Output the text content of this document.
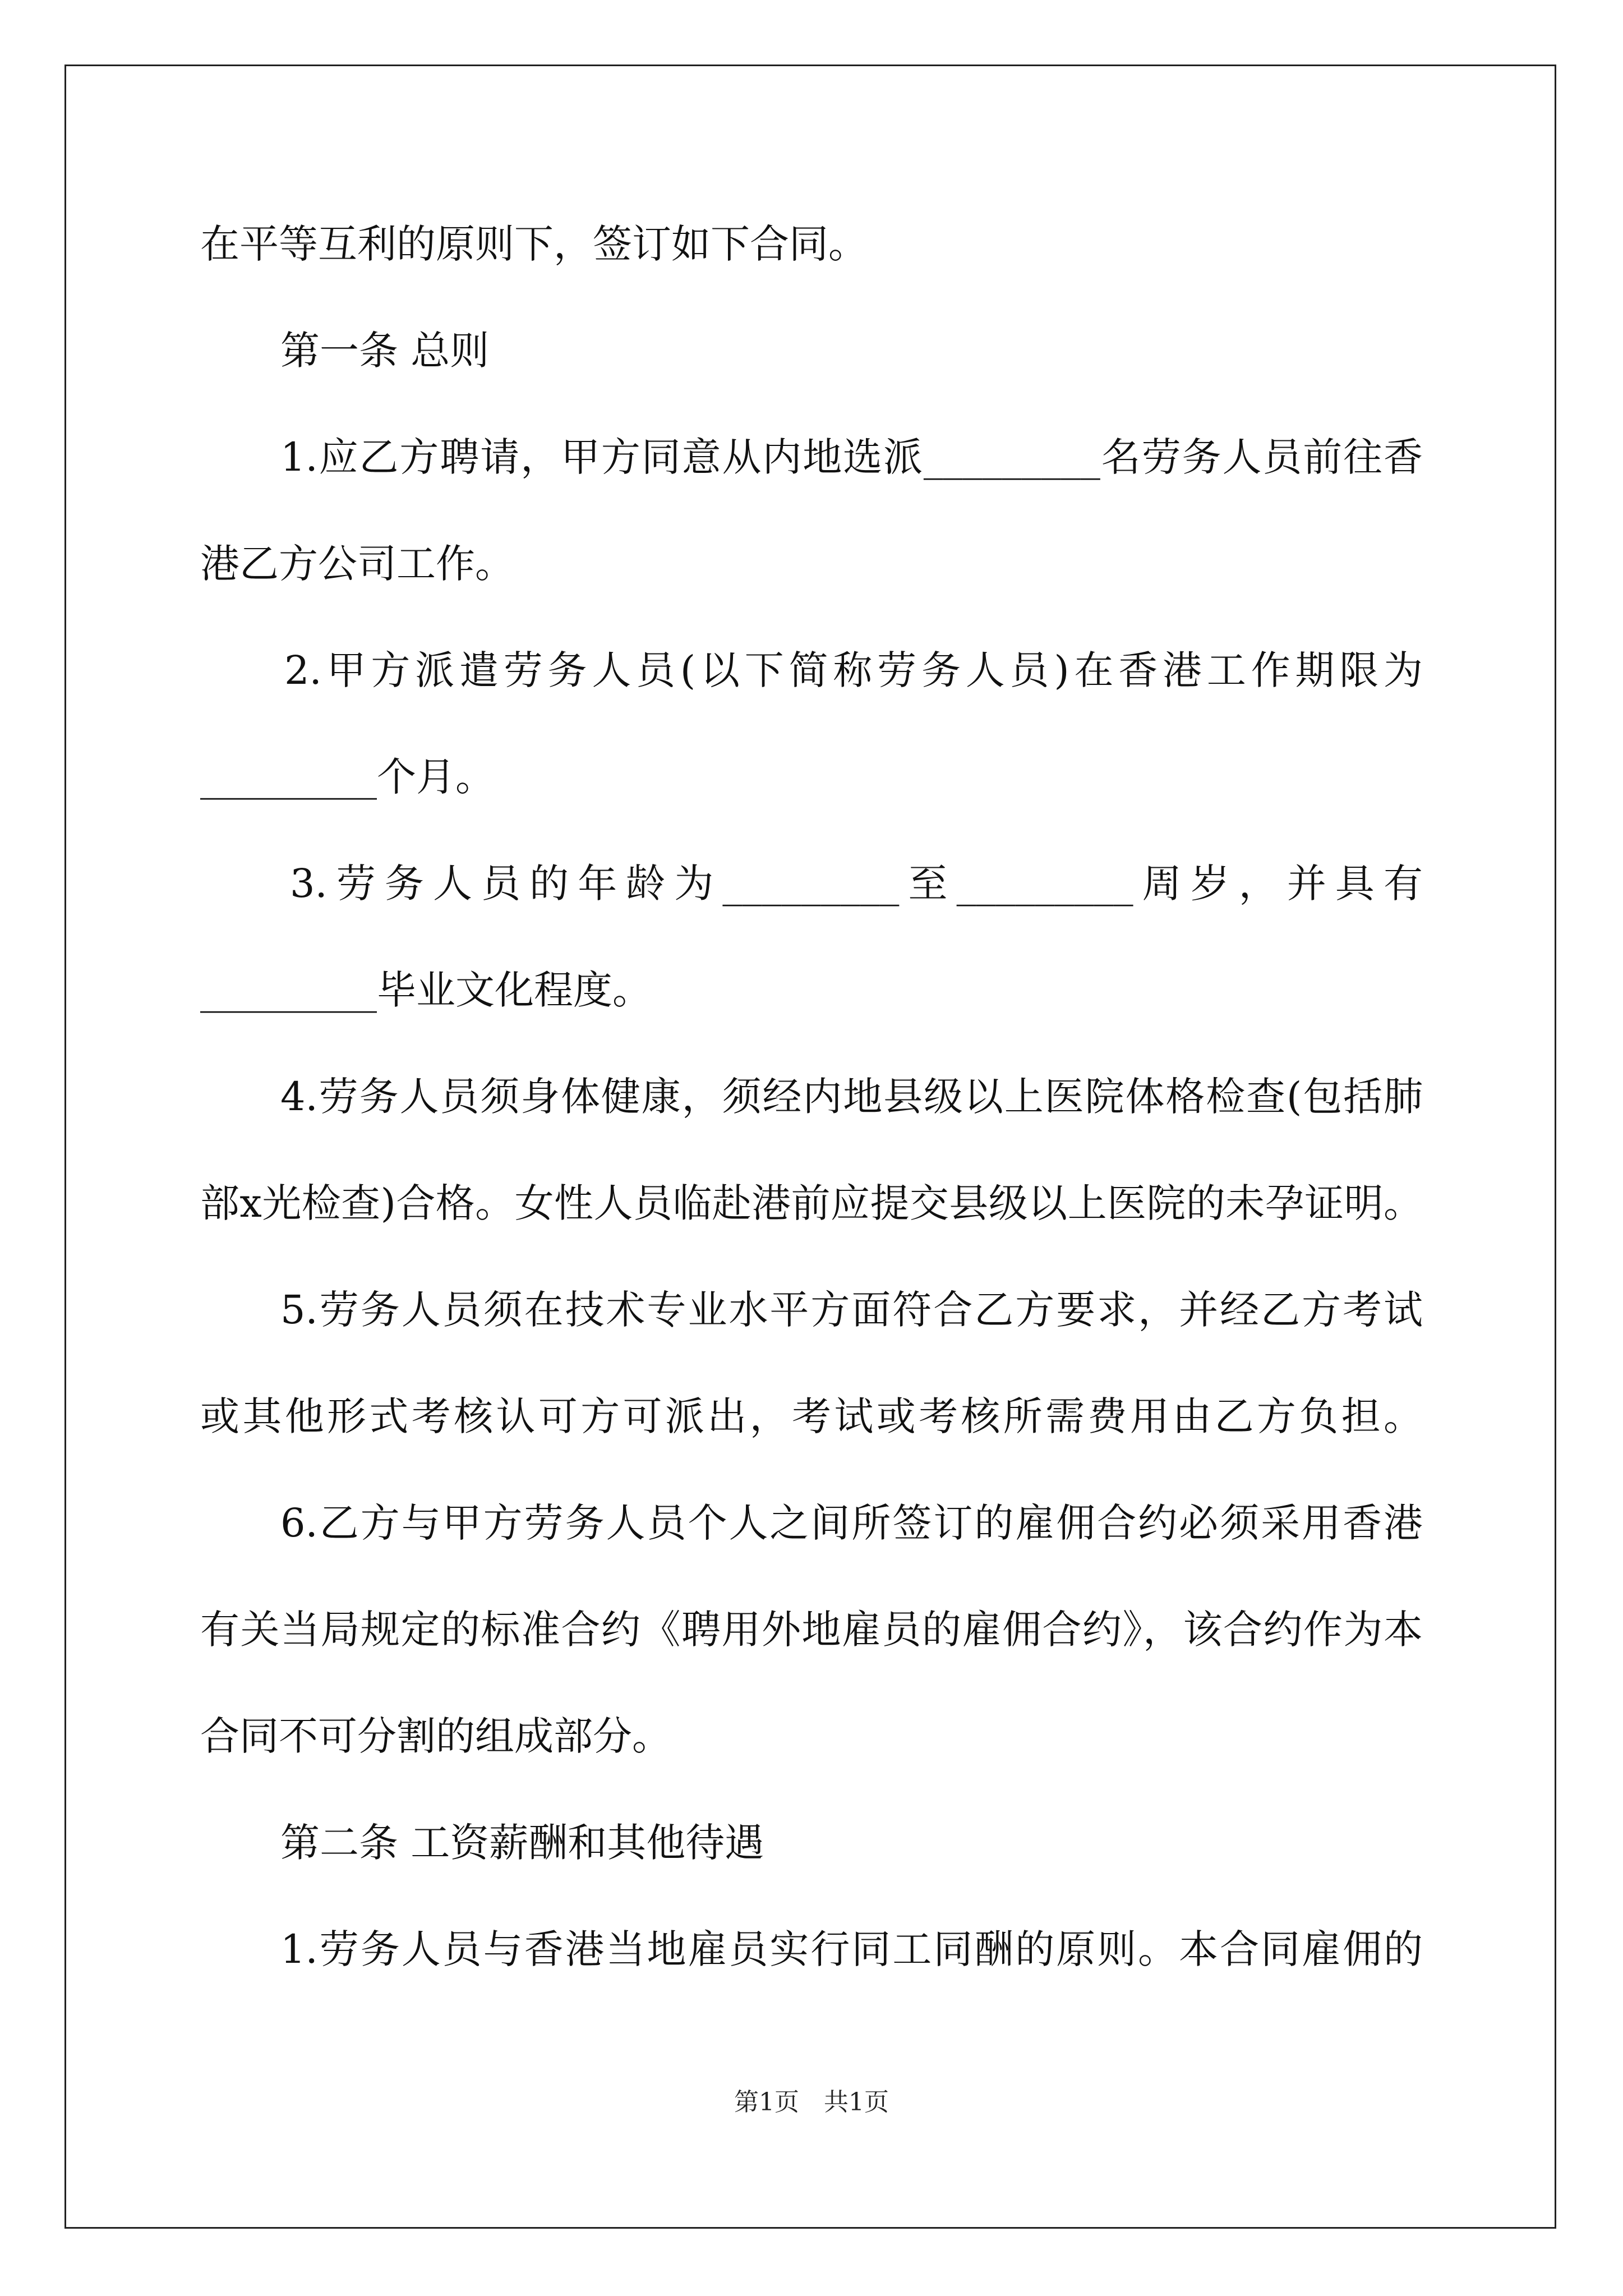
在平等互利的原则下，签订如下合同。
第一条 总则
1.应乙方聘请，甲方同意从内地选派_________名劳务人员前往香
港乙方公司工作。
2.甲方派遣劳务人员(以下简称劳务人员)在香港工作期限为
_________个月。
3.劳务人员的年龄为_________至_________周岁，并具有
_________毕业文化程度。
4.劳务人员须身体健康，须经内地县级以上医院体格检查(包括肺
部x光检查)合格。女性人员临赴港前应提交县级以上医院的未孕证明。
5.劳务人员须在技术专业水平方面符合乙方要求，并经乙方考试
或其他形式考核认可方可派出，考试或考核所需费用由乙方负担。
6.乙方与甲方劳务人员个人之间所签订的雇佣合约必须采用香港
有关当局规定的标准合约《聘用外地雇员的雇佣合约》，该合约作为本
合同不可分割的组成部分。
第二条 工资薪酬和其他待遇
1.劳务人员与香港当地雇员实行同工同酬的原则。本合同雇佣的
第1页　共1页
